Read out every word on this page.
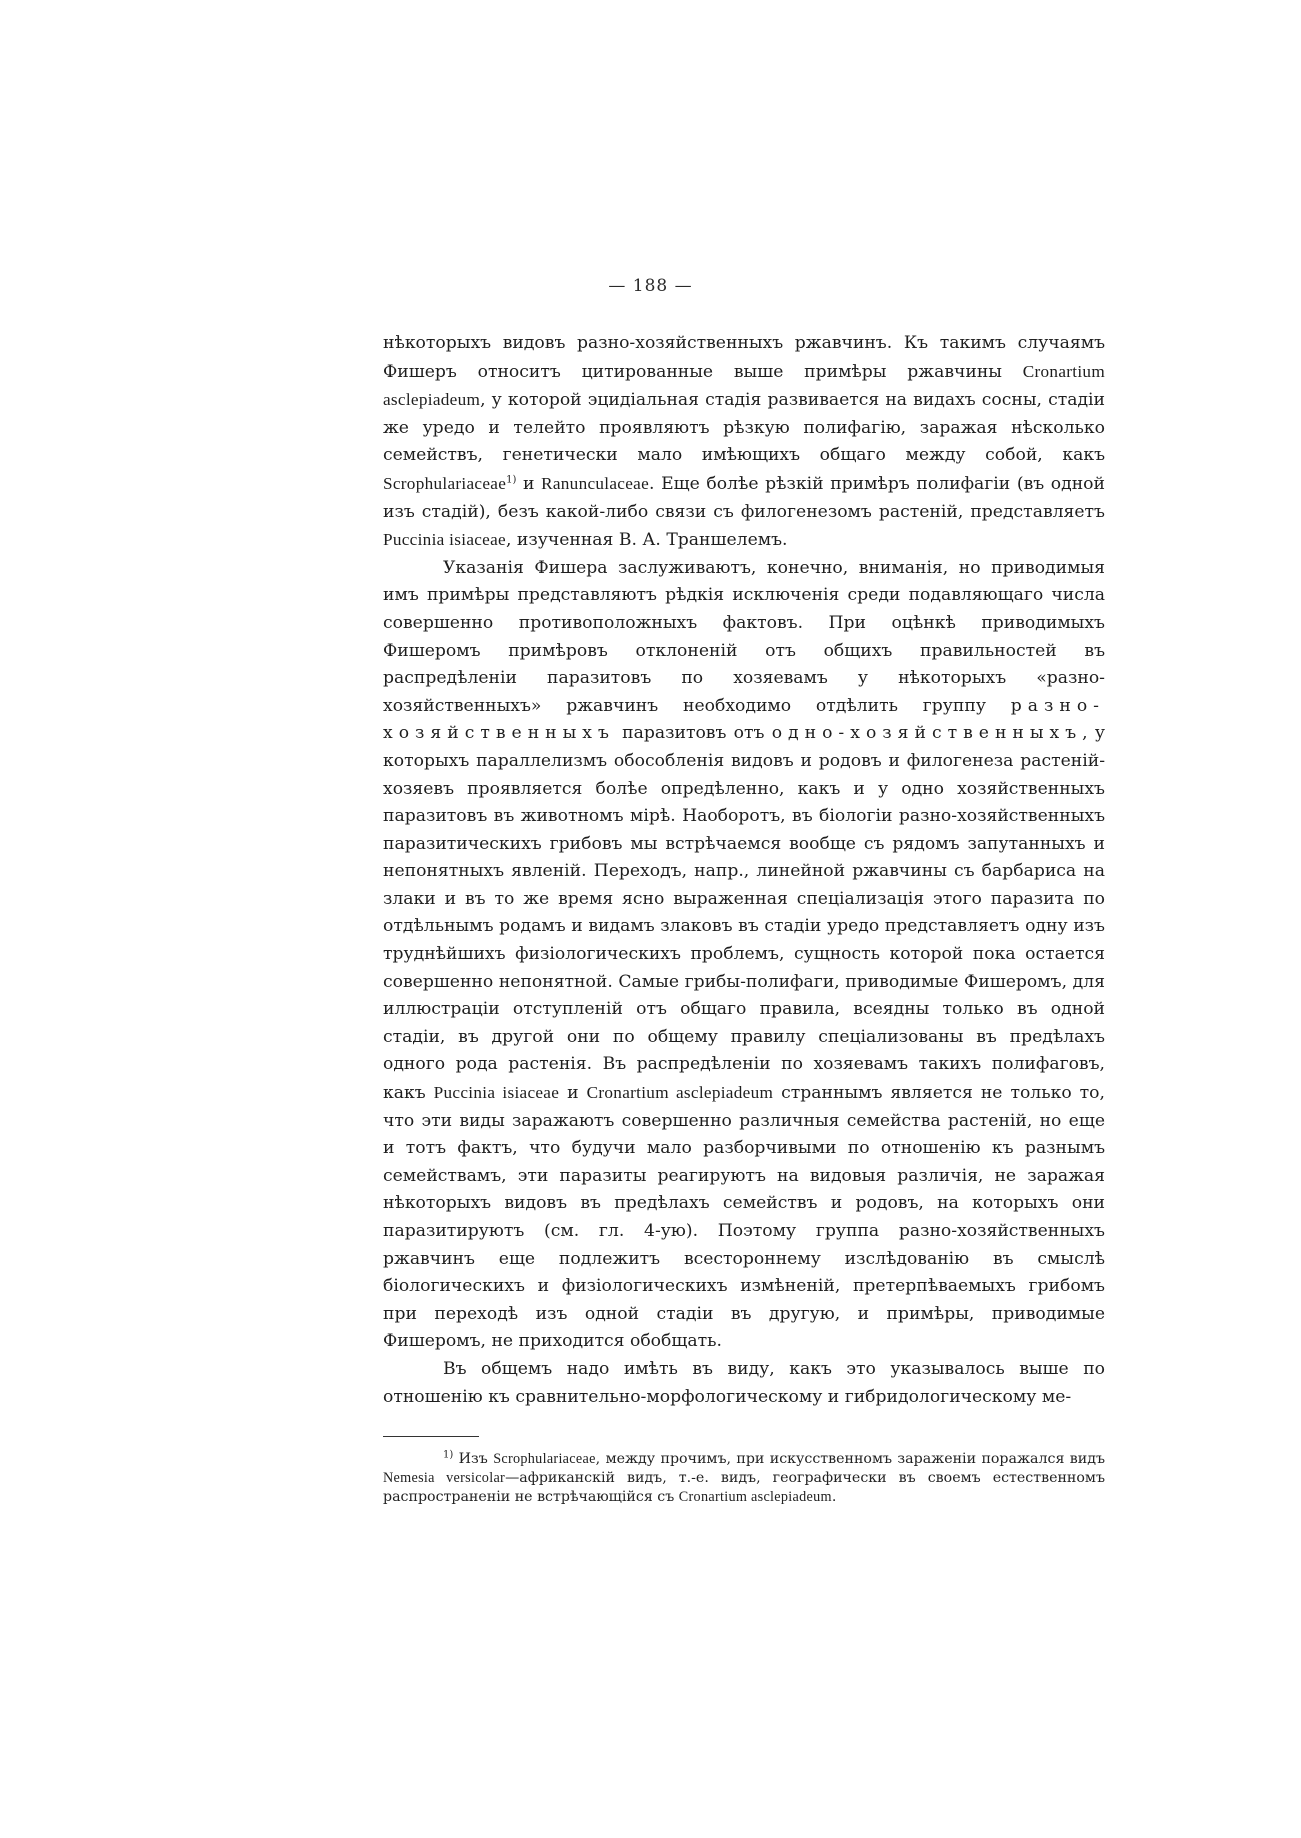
— 188 —

нѣкоторыхъ видовъ разно-хозяйственныхъ ржавчинъ. Къ такимъ случаямъ Фишеръ относитъ цитированные выше примѣры ржавчины Cronartium asclepiadeum, у которой эцидіальная стадія развивается на видахъ сосны, стадіи же уредо и телейто проявляютъ рѣзкую полифагію, заражая нѣсколько семействъ, генетически мало имѣющихъ общаго между собой, какъ Scrophulariaceae$^{1)}$ и Ranunculaceae. Еще болѣе рѣзкій примѣръ полифагіи (въ одной изъ стадій), безъ какой-либо связи съ филогенезомъ растеній, представляетъ Puccinia isiaceae, изученная В. А. Траншелемъ.

Указанія Фишера заслуживаютъ, конечно, вниманія, но приводимыя имъ примѣры представляютъ рѣдкія исключенія среди подавляющаго числа совершенно противоположныхъ фактовъ. При оцѣнкѣ приводимыхъ Фишеромъ примѣровъ отклоненій отъ общихъ правильностей въ распредѣленіи паразитовъ по хозяевамъ у нѣкоторыхъ «разно-хозяйственныхъ» ржавчинъ необходимо отдѣлить группу разно-хозяйственныхъ паразитовъ отъ одно-хозяйственныхъ, у которыхъ параллелизмъ обособленія видовъ и родовъ и филогенеза растеній-хозяевъ проявляется болѣе опредѣленно, какъ и у одно хозяйственныхъ паразитовъ въ животномъ мірѣ. Наоборотъ, въ біологіи разно-хозяйственныхъ паразитическихъ грибовъ мы встрѣчаемся вообще съ рядомъ запутанныхъ и непонятныхъ явленій. Переходъ, напр., линейной ржавчины съ барбариса на злаки и въ то же время ясно выраженная спеціализація этого паразита по отдѣльнымъ родамъ и видамъ злаковъ въ стадіи уредо представляетъ одну изъ труднѣйшихъ физіологическихъ проблемъ, сущность которой пока остается совершенно непонятной. Самые грибы-полифаги, приводимые Фишеромъ, для иллюстраціи отступленій отъ общаго правила, всеядны только въ одной стадіи, въ другой они по общему правилу спеціализованы въ предѣлахъ одного рода растенія. Въ распредѣленіи по хозяевамъ такихъ полифаговъ, какъ Puccinia isiaceae и Cronartium asclepiadeum страннымъ является не только то, что эти виды заражаютъ совершенно различныя семейства растеній, но еще и тотъ фактъ, что будучи мало разборчивыми по отношенію къ разнымъ семействамъ, эти паразиты реагируютъ на видовыя различія, не заражая нѣкоторыхъ видовъ въ предѣлахъ семействъ и родовъ, на которыхъ они паразитируютъ (см. гл. 4-ую). Поэтому группа разно-хозяйственныхъ ржавчинъ еще подлежитъ всестороннему изслѣдованію въ смыслѣ біологическихъ и физіологическихъ измѣненій, претерпѣваемыхъ грибомъ при переходѣ изъ одной стадіи въ другую, и примѣры, приводимые Фишеромъ, не приходится обобщать.

Въ общемъ надо имѣть въ виду, какъ это указывалось выше по отношенію къ сравнительно-морфологическому и гибридологическому ме-

$^{1)}$ Изъ Scrophulariaceae, между прочимъ, при искусственномъ зараженіи поражался видъ Nemesia versicolar—африканскій видъ, т.-е. видъ, географически въ своемъ естественномъ распространеніи не встрѣчающійся съ Cronartium asclepiadeum.
